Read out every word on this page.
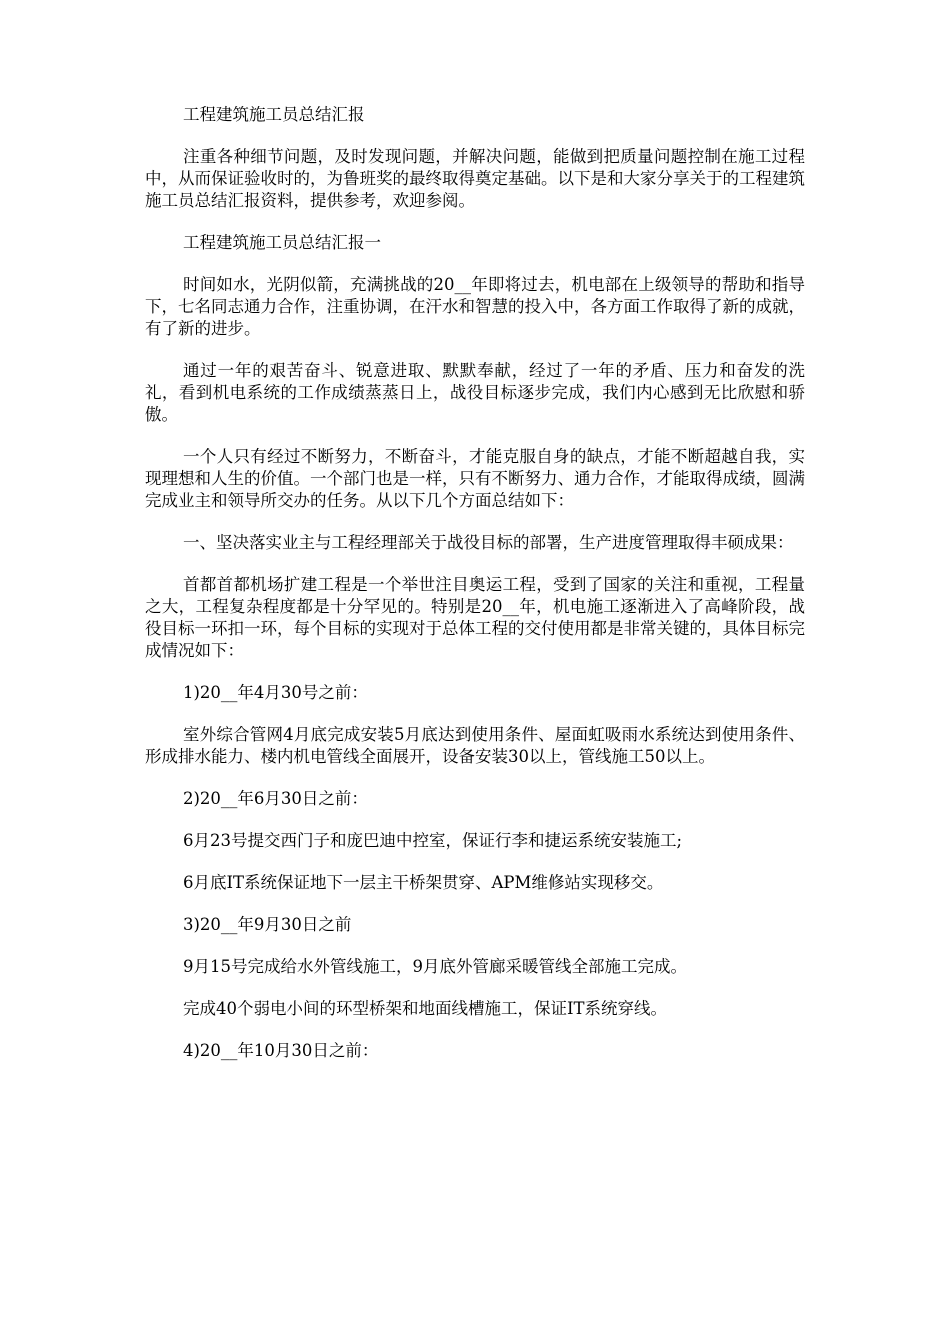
工程建筑施工员总结汇报

注重各种细节问题，及时发现问题，并解决问题，能做到把质量问题控制在施工过程中，从而保证验收时的，为鲁班奖的最终取得奠定基础。以下是和大家分享关于的工程建筑施工员总结汇报资料，提供参考，欢迎参阅。

工程建筑施工员总结汇报一

时间如水，光阴似箭，充满挑战的20__年即将过去，机电部在上级领导的帮助和指导下，七名同志通力合作，注重协调，在汗水和智慧的投入中，各方面工作取得了新的成就，有了新的进步。

通过一年的艰苦奋斗、锐意进取、默默奉献，经过了一年的矛盾、压力和奋发的洗礼，看到机电系统的工作成绩蒸蒸日上，战役目标逐步完成，我们内心感到无比欣慰和骄傲。

一个人只有经过不断努力，不断奋斗，才能克服自身的缺点，才能不断超越自我，实现理想和人生的价值。一个部门也是一样，只有不断努力、通力合作，才能取得成绩，圆满完成业主和领导所交办的任务。从以下几个方面总结如下：

一、坚决落实业主与工程经理部关于战役目标的部署，生产进度管理取得丰硕成果：

首都首都机场扩建工程是一个举世注目奥运工程，受到了国家的关注和重视，工程量之大，工程复杂程度都是十分罕见的。特别是20__年，机电施工逐渐进入了高峰阶段，战役目标一环扣一环，每个目标的实现对于总体工程的交付使用都是非常关键的，具体目标完成情况如下：

1)20__年4月30号之前：

室外综合管网4月底完成安装5月底达到使用条件、屋面虹吸雨水系统达到使用条件、形成排水能力、楼内机电管线全面展开，设备安装30以上，管线施工50以上。

2)20__年6月30日之前：

6月23号提交西门子和庞巴迪中控室，保证行李和捷运系统安装施工;

6月底IT系统保证地下一层主干桥架贯穿、APM维修站实现移交。

3)20__年9月30日之前

9月15号完成给水外管线施工，9月底外管廊采暖管线全部施工完成。

完成40个弱电小间的环型桥架和地面线槽施工，保证IT系统穿线。

4)20__年10月30日之前：
